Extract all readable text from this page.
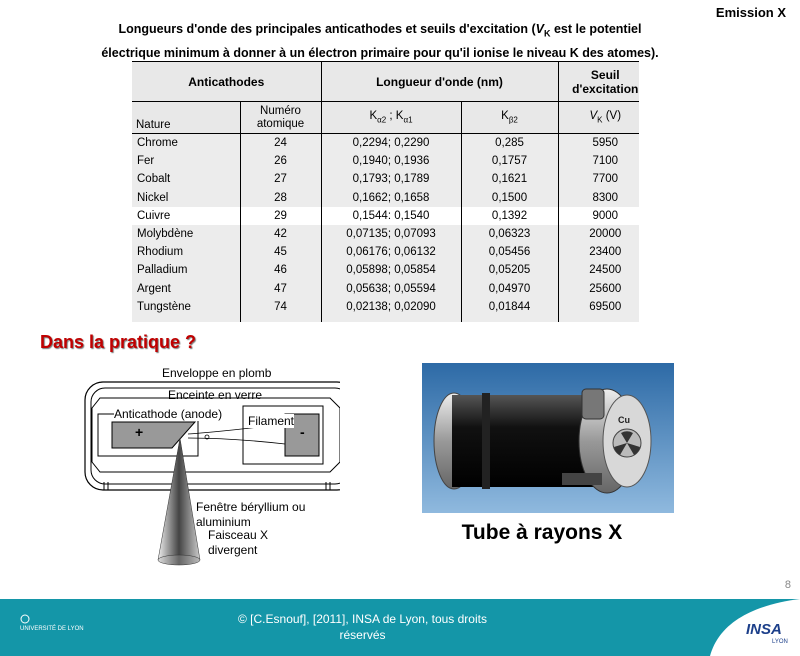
Emission X
Longueurs d'onde des principales anticathodes et seuils d'excitation ($V_K$ est le potentiel
électrique minimum à donner à un électron primaire pour qu'il ionise le niveau K des atomes).
Anticathodes		Longueur d'onde (nm)		Seuil
d'excitation

Nature	Numéro
atomique	$K_{\alpha 2}$ ; $K_{\alpha 1}$	$K_{\beta 2}$	$V_K$ (V)
Chrome	24	0,2294; 0,2290	0,285	5950
Fer	26	0,1940; 0,1936	0,1757	7100
Cobalt	27	0,1793; 0,1789	0,1621	7700
Nickel	28	0,1662; 0,1658	0,1500	8300
Cuivre	29	0,1544: 0,1540	0,1392	9000
Molybdène	42	0,07135; 0,07093	0,06323	20000
Rhodium	45	0,06176; 0,06132	0,05456	23400
Palladium	46	0,05898; 0,05854	0,05205	24500
Argent	47	0,05638; 0,05594	0,04970	25600
Tungstène	74	0,02138; 0,02090	0,01844	69500

Dans la pratique ?
Enveloppe en plomb
Enceinte en verre
Anticathode (anode) Filament
+	-
Fenêtre béryllium ou
aluminium
Faisceau X
divergent
Cu
Tube à rayons X
8
UNIVERSITÉ DE LYON
© [C.Esnouf], [2011], INSA de Lyon, tous droits
réservés	INSA
LYON
